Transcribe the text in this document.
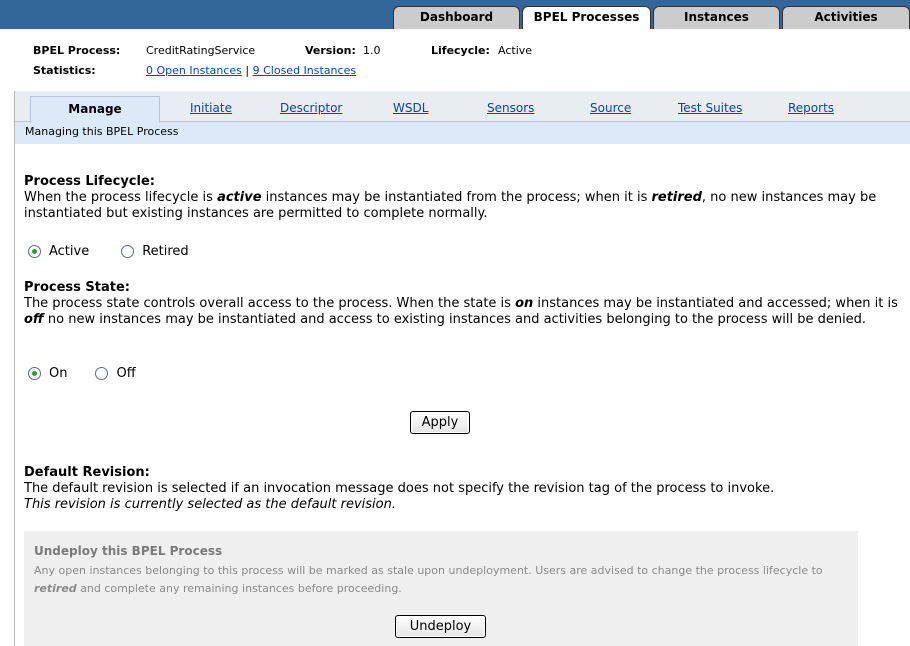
Dashboard	BPEL Processes	Instances	Activities
BPEL Process: CreditRatingService	Version: 1.0	Lifecycle: Active
Statistics:	0 Open Instances | 9 Closed Instances
Manage	Initiate	Descriptor	WSDL	Sensors	Source	Test Suites	Reports
Managing this BPEL Process
Process Lifecycle:
When the process lifecycle is active instances may be instantiated from the process; when it is retired, no new instances may be instantiated but existing instances are permitted to complete normally.
Active	Retired
Process State:
The process state controls overall access to the process. When the state is on instances may be instantiated and accessed; when it is off no new instances may be instantiated and access to existing instances and activities belonging to the process will be denied.
On	Off
Apply
Default Revision:
The default revision is selected if an invocation message does not specify the revision tag of the process to invoke.
This revision is currently selected as the default revision.
Undeploy this BPEL Process
Any open instances belonging to this process will be marked as stale upon undeployment. Users are advised to change the process lifecycle to retired and complete any remaining instances before proceeding.
Undeploy
